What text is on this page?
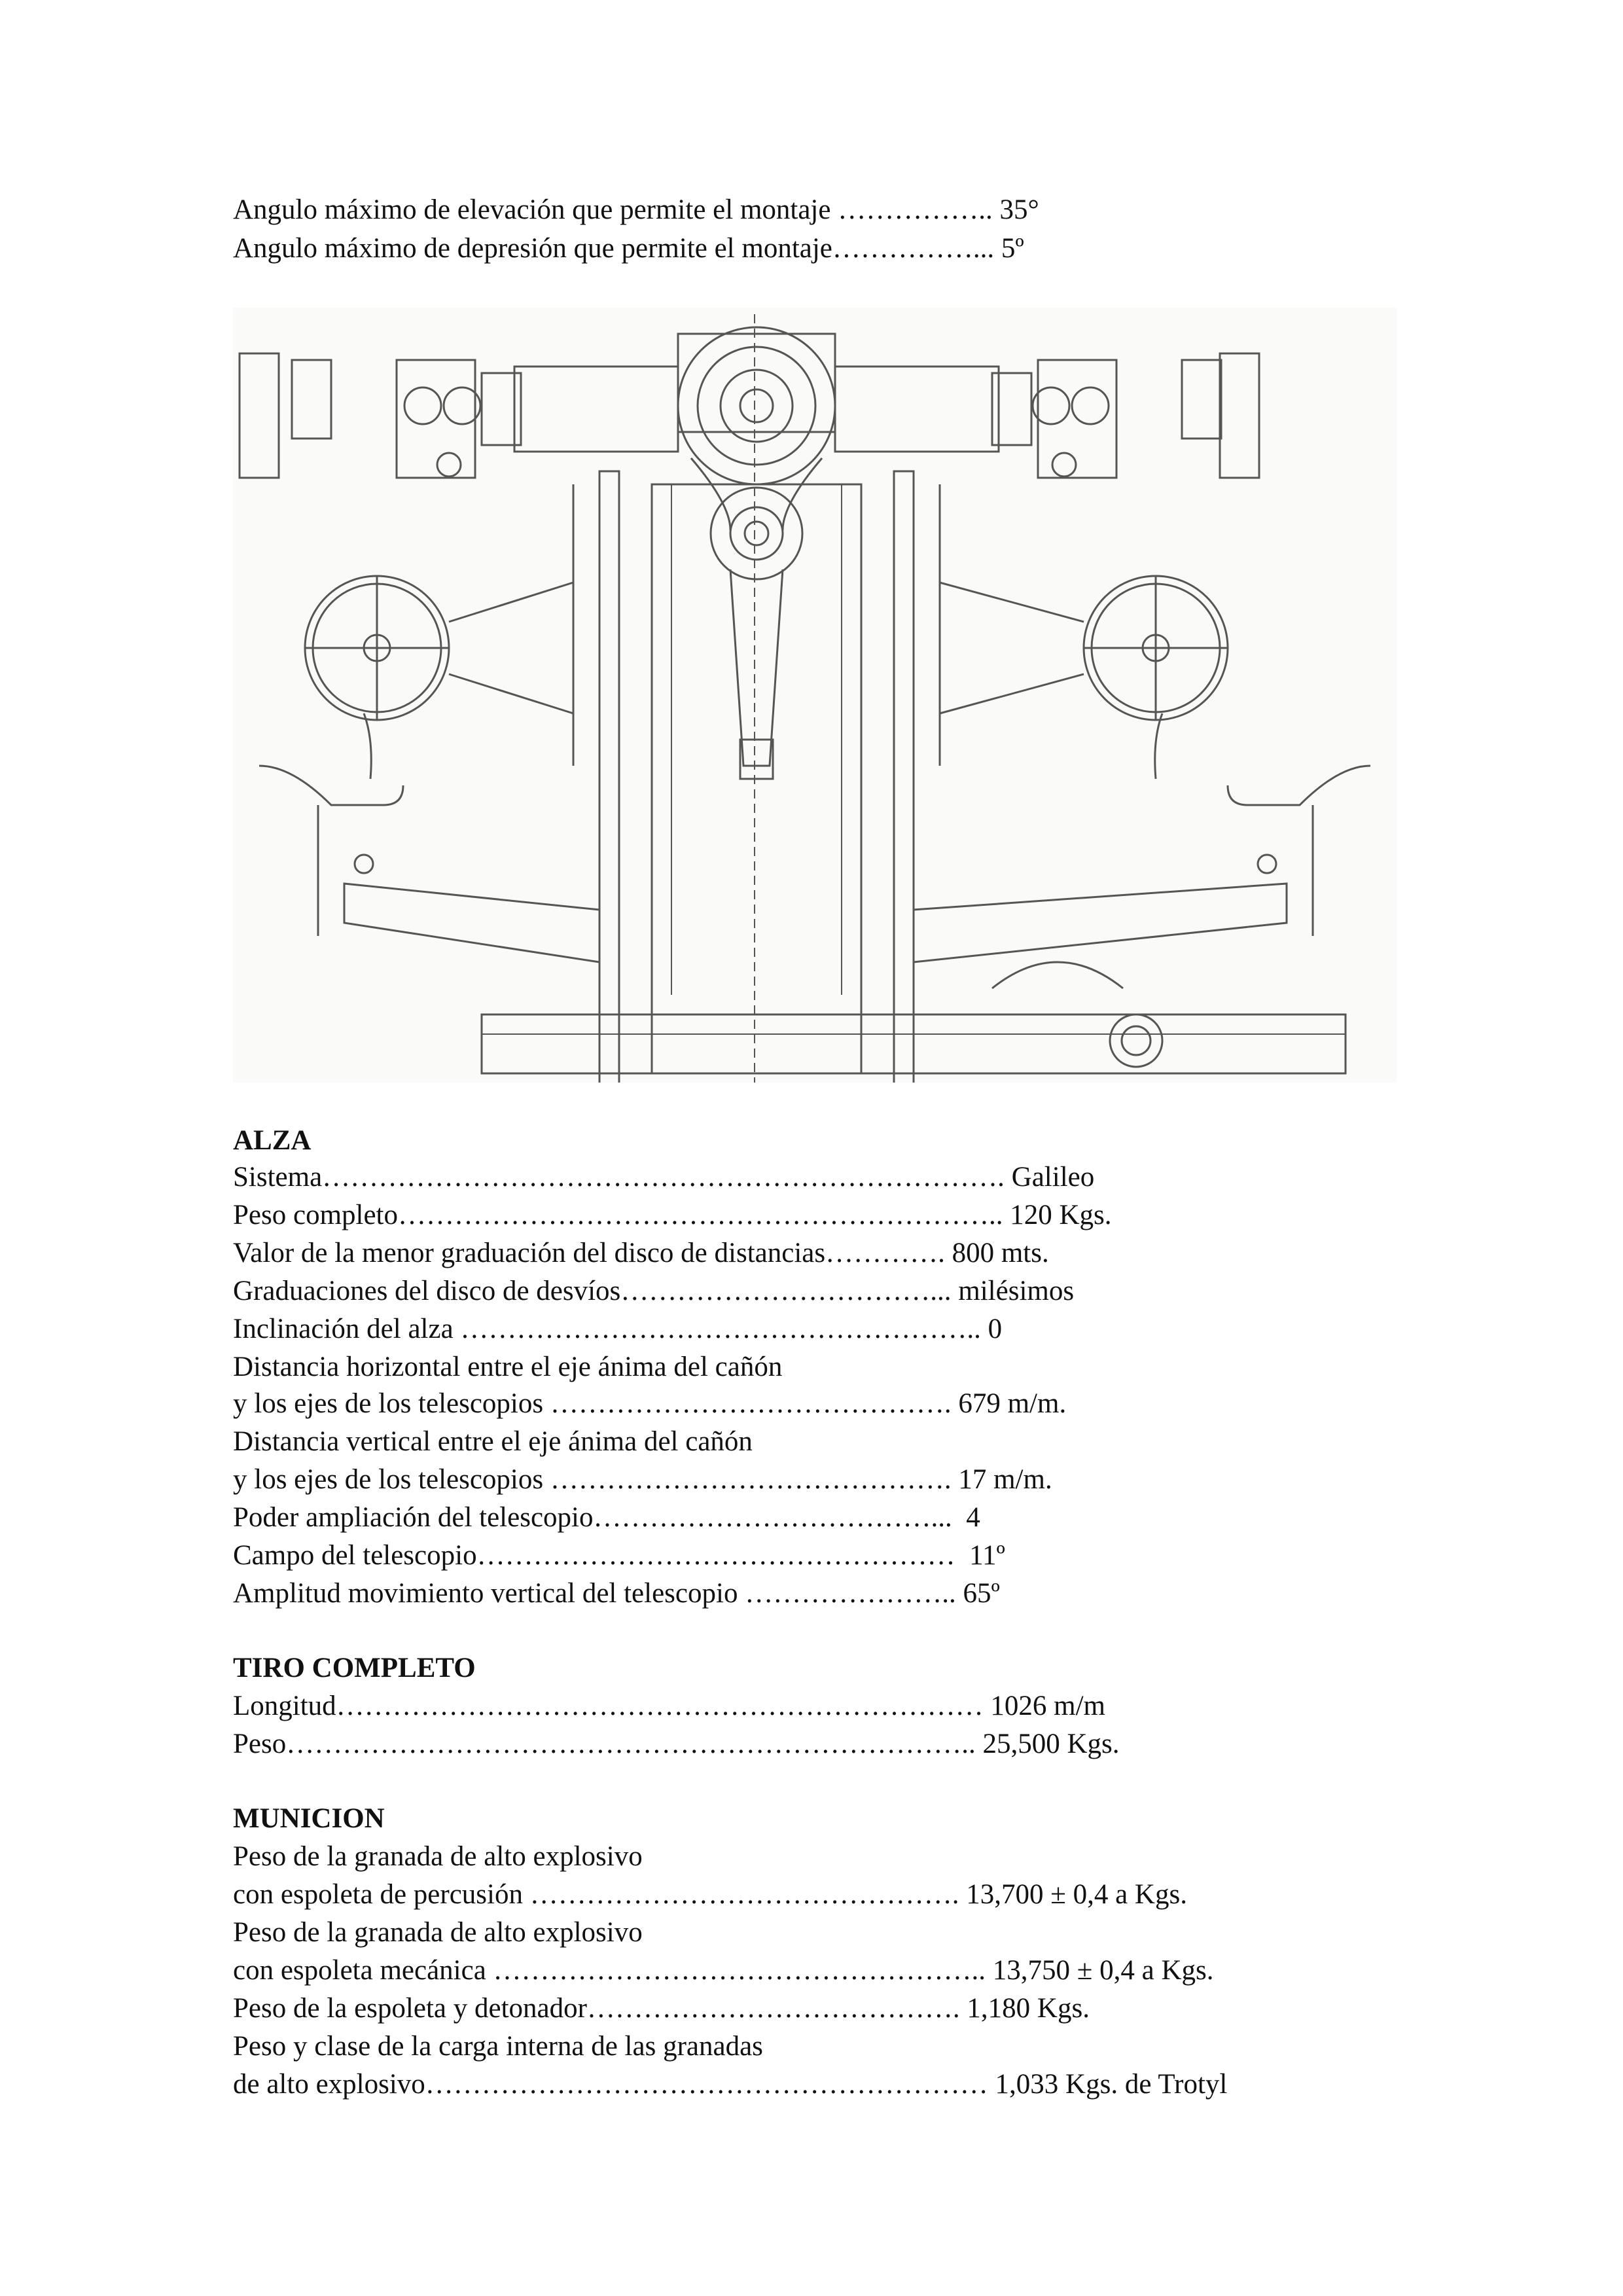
Angulo máximo de elevación que permite el montaje …………….. 35°
Angulo máximo de depresión que permite el montaje……………... 5º
ALZA
Sistema………………………………………………………………. Galileo
Peso completo……………………………………………………….. 120 Kgs.
Valor de la menor graduación del disco de distancias…………. 800 mts.
Graduaciones del disco de desvíos……………………………... milésimos
Inclinación del alza ……………………………………………….. 0
Distancia horizontal entre el eje ánima del cañón
y los ejes de los telescopios ……………………………………. 679 m/m.
Distancia vertical entre el eje ánima del cañón
y los ejes de los telescopios ……………………………………. 17 m/m.
Poder ampliación del telescopio………………………………...  4
Campo del telescopio……………………………………………  11º
Amplitud movimiento vertical del telescopio ………………….. 65º
TIRO COMPLETO
Longitud…………………………………………………………… 1026 m/m
Peso……………………………………………………………….. 25,500 Kgs.
MUNICION
Peso de la granada de alto explosivo
con espoleta de percusión ………………………………………. 13,700 ± 0,4 a Kgs.
Peso de la granada de alto explosivo
con espoleta mecánica …………………………………………….. 13,750 ± 0,4 a Kgs.
Peso de la espoleta y detonador…………………………………. 1,180 Kgs.
Peso y clase de la carga interna de las granadas
de alto explosivo…………………………………………………… 1,033 Kgs. de Trotyl
